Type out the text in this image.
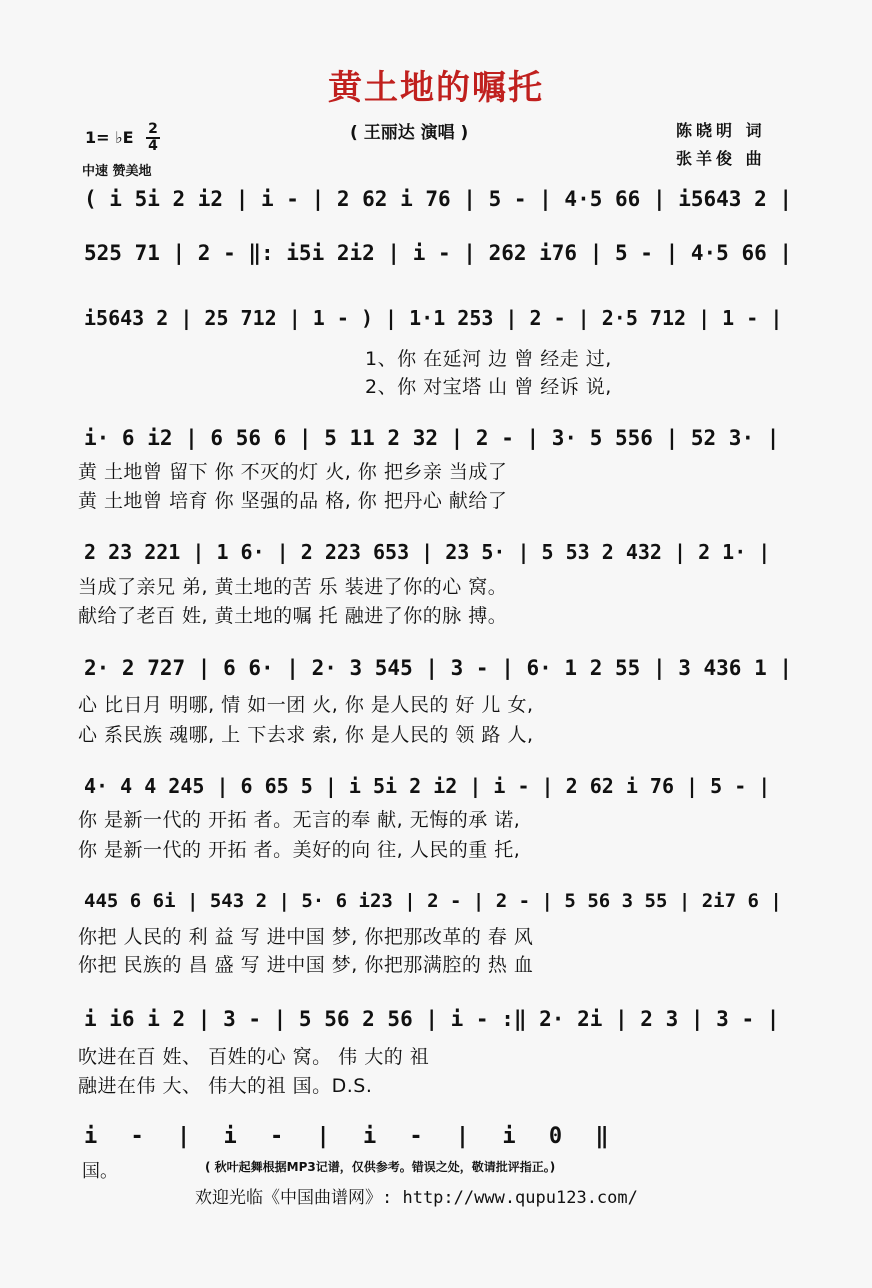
黄土地的嘱托
( 王丽达 演唱 )	陈晓明 词
张羊俊 曲
1= ♭E $\frac{2}{4}$
中速 赞美地
( i 5i 2 i2 | i - | 2 62 i 76 | 5 - | 4·5 66 | i5643 2 |
525 71 | 2 - ‖: i5i 2i2 | i - | 262 i76 | 5 - | 4·5 66 |
i5643 2 | 25 712 | 1 - ) | 1·1 253 | 2 - | 2·5 712 | 1 - |
1、你 在延河 边 曾 经走 过,
2、你 对宝塔 山 曾 经诉 说,
i· 6 i2 | 6 56 6 | 5 11 2 32 | 2 - | 3· 5 556 | 52 3· |
黄 土地曾 留下 你 不灭的灯 火, 你 把乡亲 当成了
黄 土地曾 培育 你 坚强的品 格, 你 把丹心 献给了
2 23 221 | 1 6· | 2 223 653 | 23 5· | 5 53 2 432 | 2 1· |
当成了亲兄 弟, 黄土地的苦 乐 装进了你的心 窝。
献给了老百 姓, 黄土地的嘱 托 融进了你的脉 搏。
2· 2 727 | 6 6· | 2· 3 545 | 3 - | 6· 1 2 55 | 3 436 1 |
心 比日月 明哪, 情 如一团 火, 你 是人民的 好 儿 女,
心 系民族 魂哪, 上 下去求 索, 你 是人民的 领 路 人,
4· 4 4 245 | 6 65 5 | i 5i 2 i2 | i - | 2 62 i 76 | 5 - |
你 是新一代的 开拓 者。无言的奉 献, 无悔的承 诺,
你 是新一代的 开拓 者。美好的向 往, 人民的重 托,
445 6 6i | 543 2 | 5· 6 i23 | 2 - | 2 - | 5 56 3 55 | 2i7 6 |
你把 人民的 利 益 写 进中国 梦, 你把那改革的 春 风
你把 民族的 昌 盛 写 进中国 梦, 你把那满腔的 热 血
i i6 i 2 | 3 - | 5 56 2 56 | i - :‖ 2· 2i | 2 3 | 3 - |
吹进在百 姓、 百姓的心 窝。 伟 大的 祖
融进在伟 大、 伟大的祖 国。D.S.
i - | i - | i - | i 0 ‖
国。	( 秋叶起舞根据MP3记谱，仅供参考。错误之处，敬请批评指正。)
欢迎光临《中国曲谱网》: http://www.qupu123.com/
